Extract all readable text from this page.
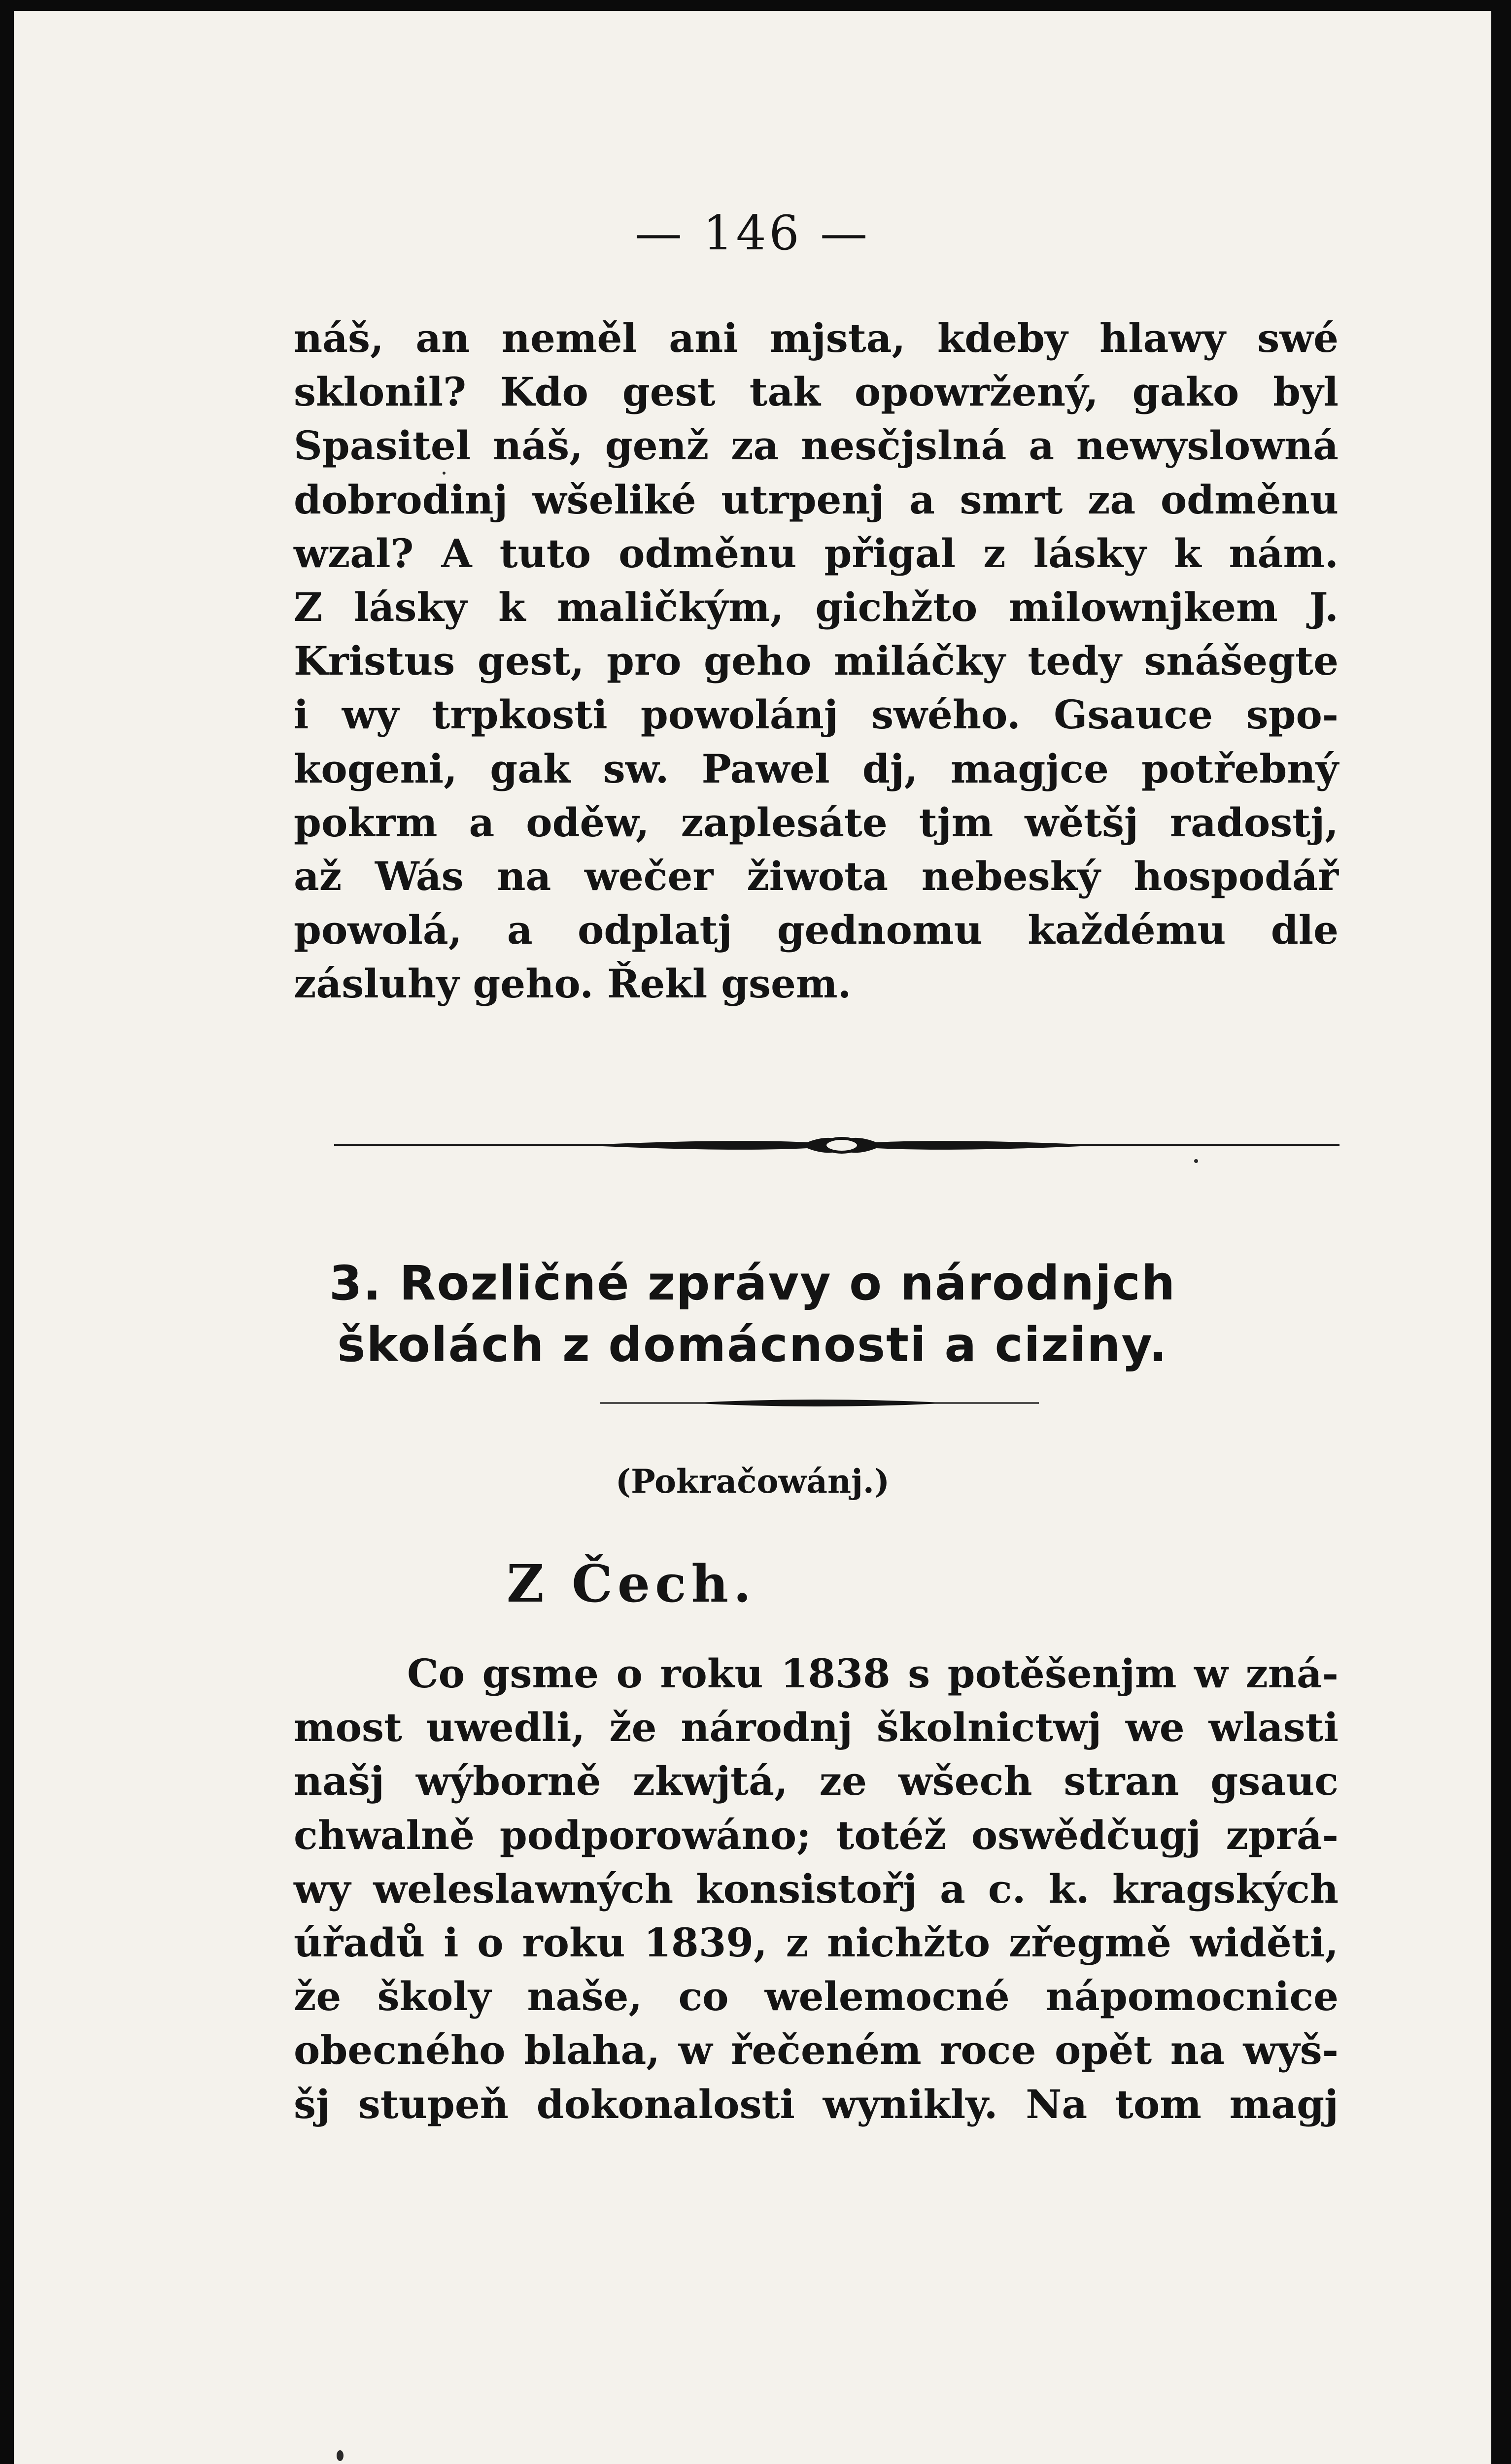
— 146 —
náš, an neměl ani mjsta, kdeby hlawy swé
sklonil? Kdo gest tak opowržený, gako byl
Spasitel náš, genž za nesčjslná a newyslowná
dobrodinj wšeliké utrpenj a smrt za odměnu
wzal? A tuto odměnu přigal z lásky k nám.
Z lásky k maličkým, gichžto milownjkem J.
Kristus gest, pro geho miláčky tedy snášegte
i wy trpkosti powolánj swého. Gsauce spo-
kogeni, gak sw. Pawel dj, magjce potřebný
pokrm a oděw, zaplesáte tjm wětšj radostj,
až Wás na wečer žiwota nebeský hospodář
powolá, a odplatj gednomu každému dle
zásluhy geho. Řekl gsem.
3. Rozličné zprávy o národnjch
školách z domácnosti a ciziny.
(Pokračowánj.)
Z Čech.
Co gsme o roku 1838 s potěšenjm w zná-
most uwedli, že národnj školnictwj we wlasti
našj wýborně zkwjtá, ze wšech stran gsauc
chwalně podporowáno; totéž oswědčugj zprá-
wy weleslawných konsistořj a c. k. kragských
úřadů i o roku 1839, z nichžto zřegmě widěti,
že školy naše, co welemocné nápomocnice
obecného blaha, w řečeném roce opět na wyš-
šj stupeň dokonalosti wynikly. Na tom magj
